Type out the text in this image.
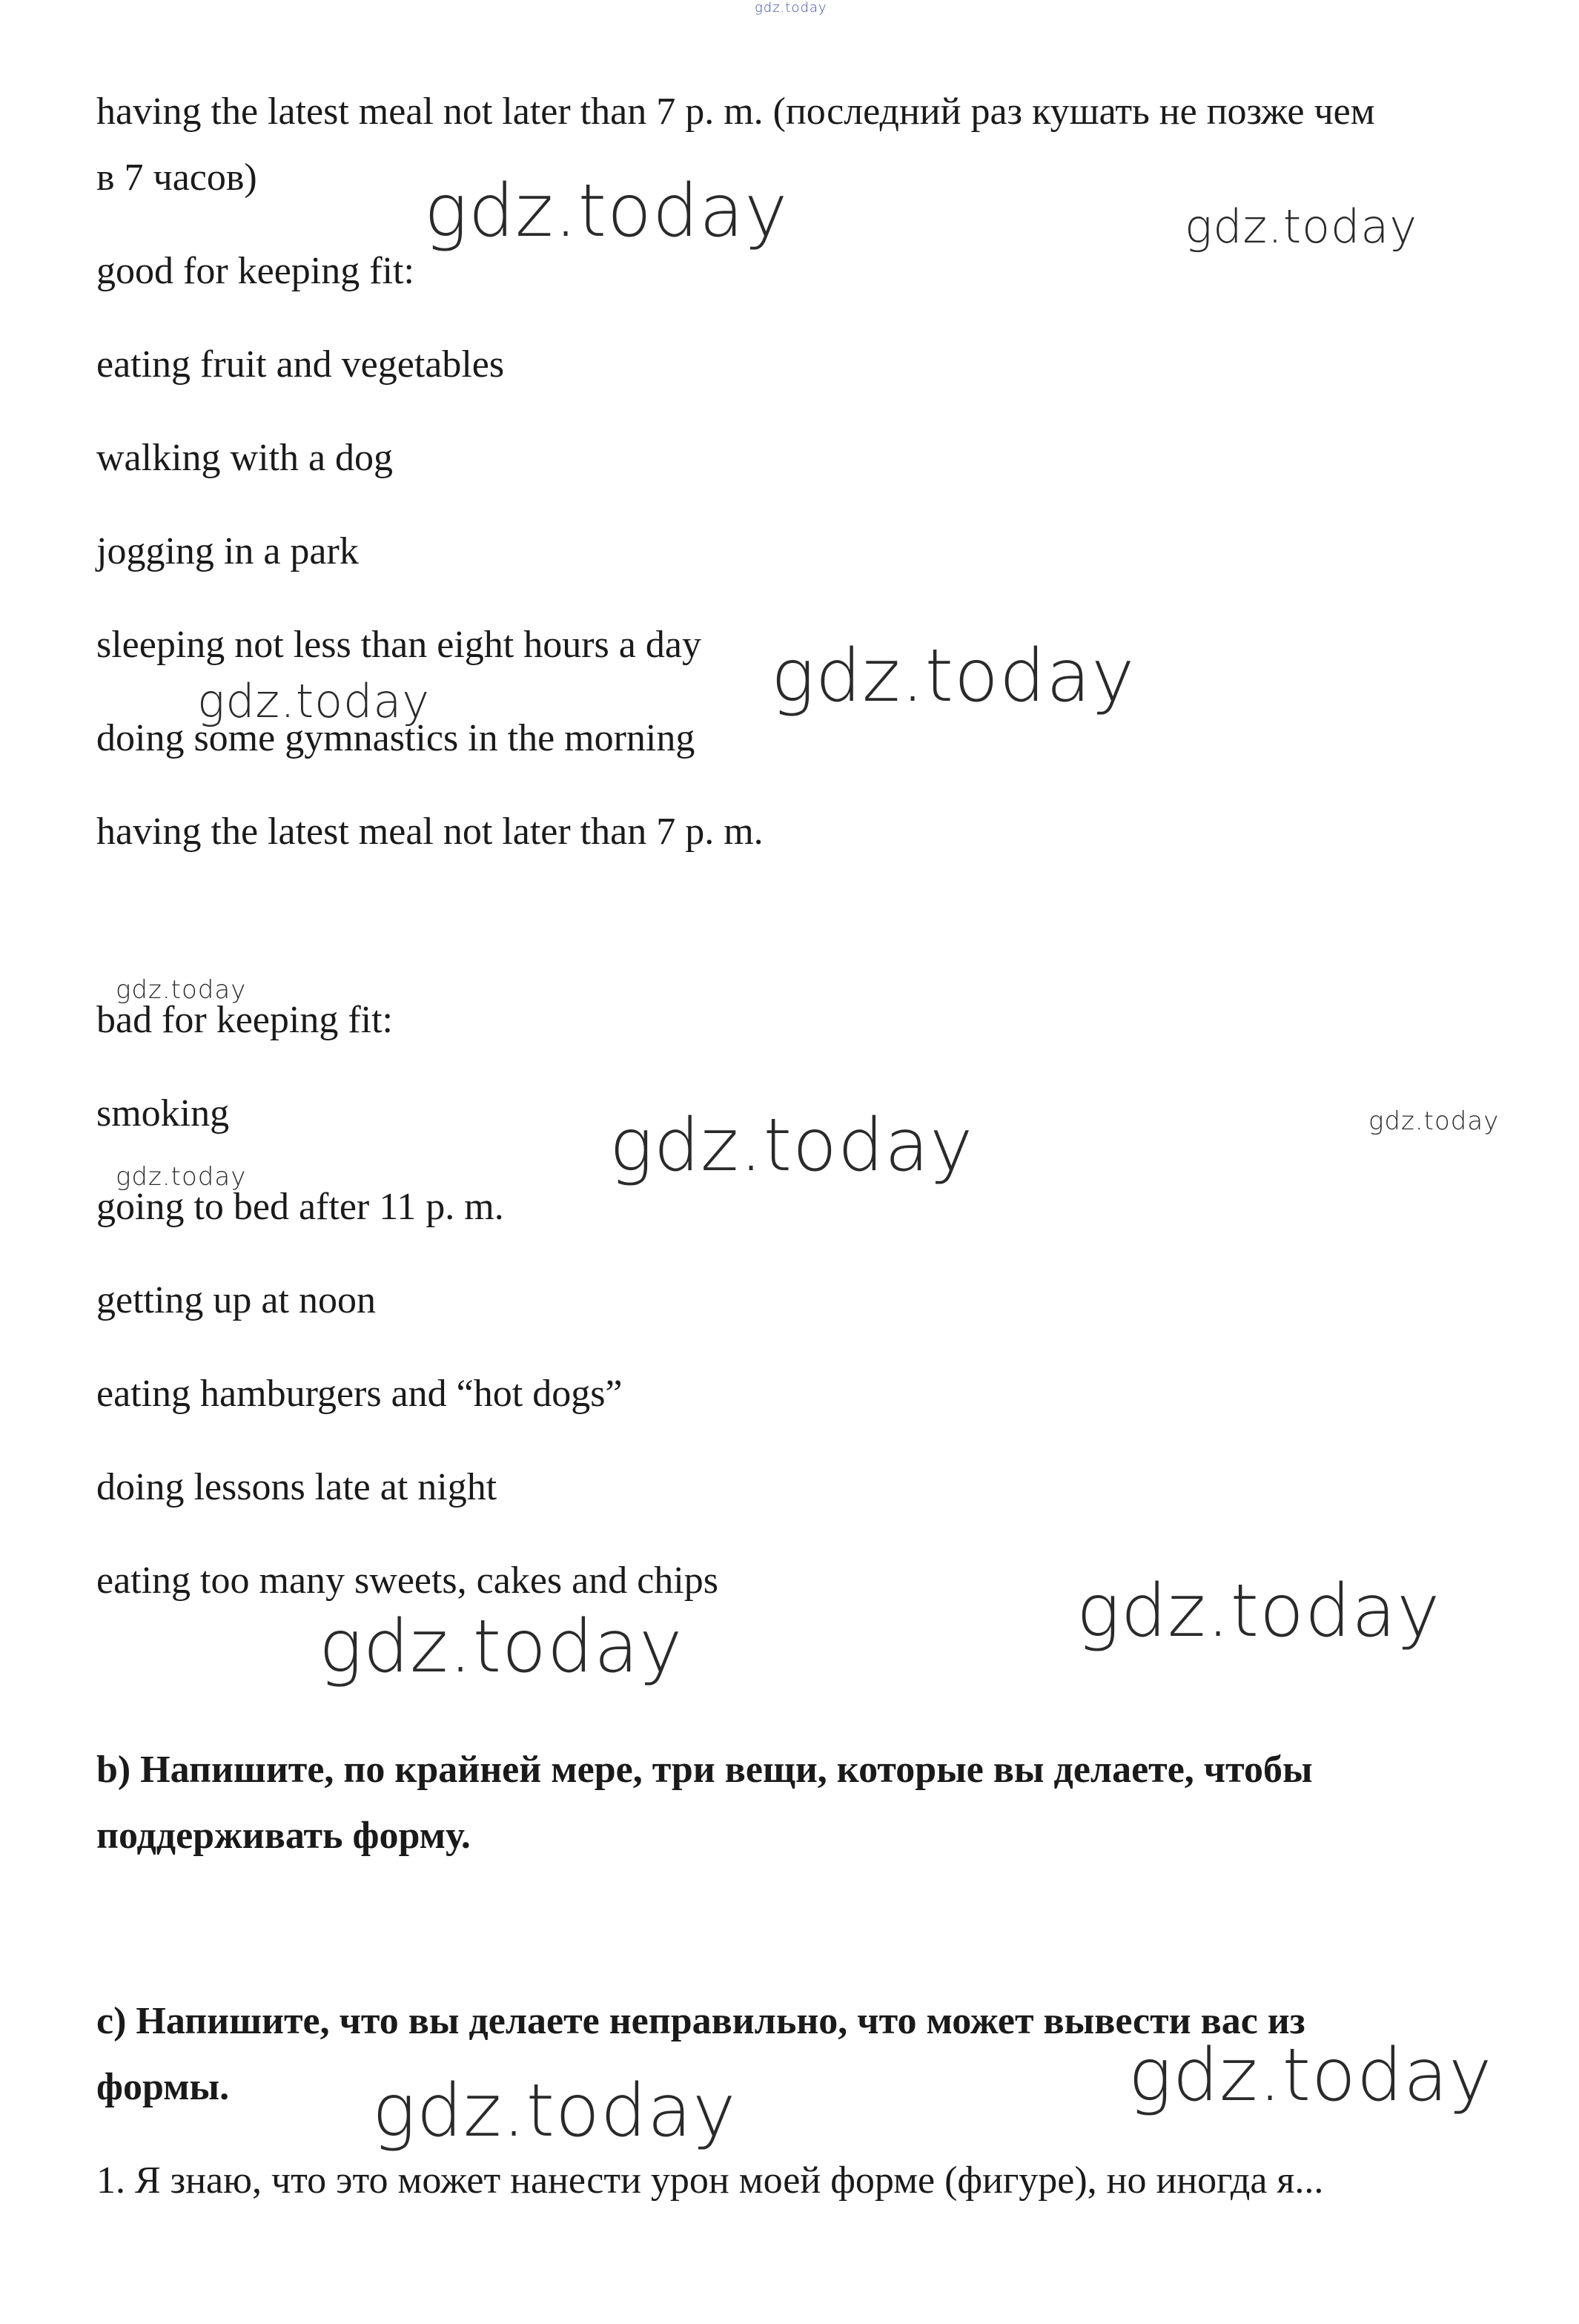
gdz.today

having the latest meal not later than 7 p. m. (последний раз кушать не позже чем

в 7 часов)

good for keeping fit:

eating fruit and vegetables

walking with a dog

jogging in a park

sleeping not less than eight hours a day

doing some gymnastics in the morning

having the latest meal not later than 7 p. m.

bad for keeping fit:

smoking

going to bed after 11 p. m.

getting up at noon

eating hamburgers and “hot dogs”

doing lessons late at night

eating too many sweets, cakes and chips

b) Напишите, по крайней мере, три вещи, которые вы делаете, чтобы

поддерживать форму.

c) Напишите, что вы делаете неправильно, что может вывести вас из

формы.

1. Я знаю, что это может нанести урон моей форме (фигуре), но иногда я...

gdz.today	gdz.today
gdz.today
gdz.today
gdz.today
gdz.today	gdz.today
gdz.today
gdz.today
gdz.today
gdz.today
gdz.today
